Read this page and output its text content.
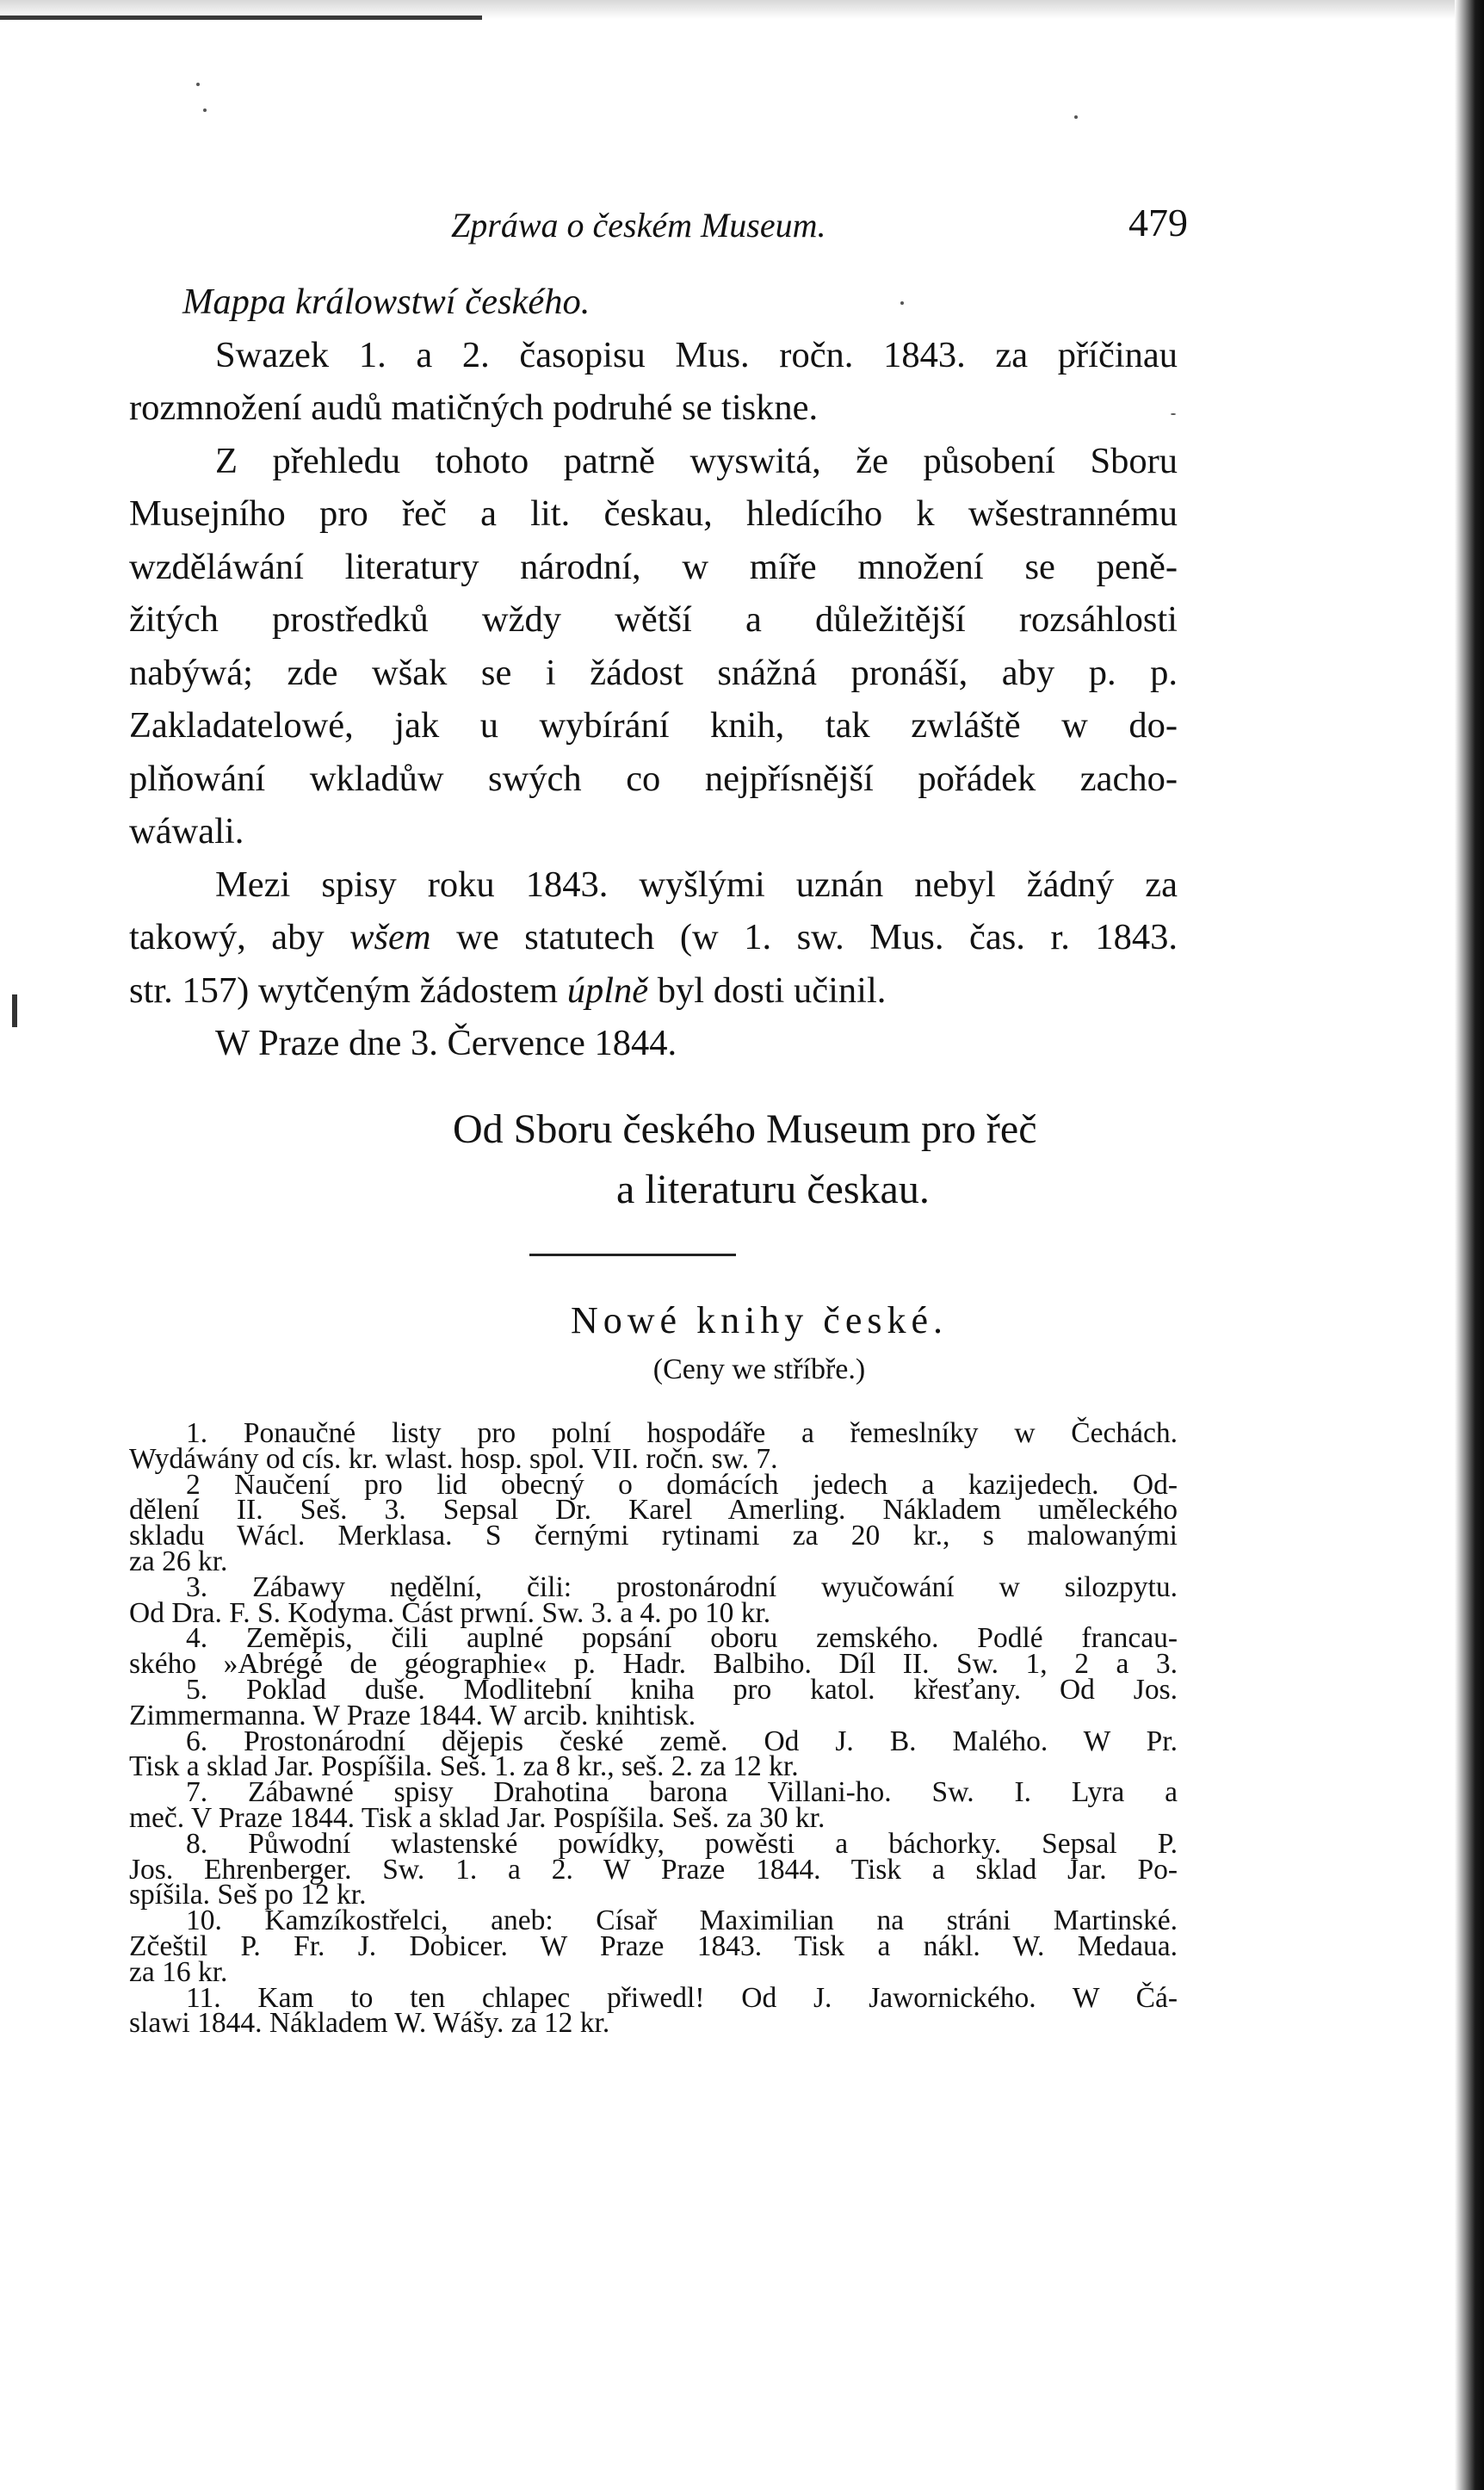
Zpráwa o českém Museum.	479

Mappa králowstwí českého.

Swazek 1. a 2. časopisu Mus. ročn. 1843. za příčinau
rozmnožení audů matičných podruhé se tiskne.
Z přehledu tohoto patrně wyswitá, že působení Sboru
Musejního pro řeč a lit. českau, hledícího k wšestrannému
wzděláwání literatury národní, w míře množení se peně-
žitých prostředků wždy wětší a důležitější rozsáhlosti
nabýwá; zde wšak se i žádost snážná pronáší, aby p. p.
Zakladatelowé, jak u wybírání knih, tak zwláště w do-
plňowání wkladůw swých co nejpřísnější pořádek zacho-
wáwali.
Mezi spisy roku 1843. wyšlými uznán nebyl žádný za
takowý, aby wšem we statutech (w 1. sw. Mus. čas. r. 1843.
str. 157) wytčeným žádostem úplně byl dosti učinil.
W Praze dne 3. Července 1844.
Od Sboru českého Museum pro řeč
a literaturu českau.
Nowé knihy české.
(Ceny we stříbře.)
1. Ponaučné listy pro polní hospodáře a řemeslníky w Čechách.
Wydáwány od cís. kr. wlast. hosp. spol. VII. ročn. sw. 7.
2 Naučení pro lid obecný o domácích jedech a kazijedech. Od-
dělení II. Seš. 3. Sepsal Dr. Karel Amerling. Nákladem uměleckého
skladu Wácl. Merklasa. S černými rytinami za 20 kr., s malowanými
za 26 kr.
3. Zábawy nedělní, čili: prostonárodní wyučowání w silozpytu.
Od Dra. F. S. Kodyma. Část prwní. Sw. 3. a 4. po 10 kr.
4. Zeměpis, čili auplné popsání oboru zemského. Podlé francau-
ského »Abrégé de géographie« p. Hadr. Balbiho. Díl II. Sw. 1, 2 a 3.
5. Poklad duše. Modlitební kniha pro katol. křesťany. Od Jos.
Zimmermanna. W Praze 1844. W arcib. knihtisk.
6. Prostonárodní dějepis české země. Od J. B. Malého. W Pr.
Tisk a sklad Jar. Pospíšila. Seš. 1. za 8 kr., seš. 2. za 12 kr.
7. Zábawné spisy Drahotina barona Villani-ho. Sw. I. Lyra a
meč. V Praze 1844. Tisk a sklad Jar. Pospíšila. Seš. za 30 kr.
8. Půwodní wlastenské powídky, powěsti a báchorky. Sepsal P.
Jos. Ehrenberger. Sw. 1. a 2. W Praze 1844. Tisk a sklad Jar. Po-
spíšila. Seš po 12 kr.
10. Kamzíkostřelci, aneb: Císař Maximilian na stráni Martinské.
Zčeštil P. Fr. J. Dobicer. W Praze 1843. Tisk a nákl. W. Medaua.
za 16 kr.
11. Kam to ten chlapec přiwedl! Od J. Jawornického. W Čá-
slawi 1844. Nákladem W. Wášy. za 12 kr.
